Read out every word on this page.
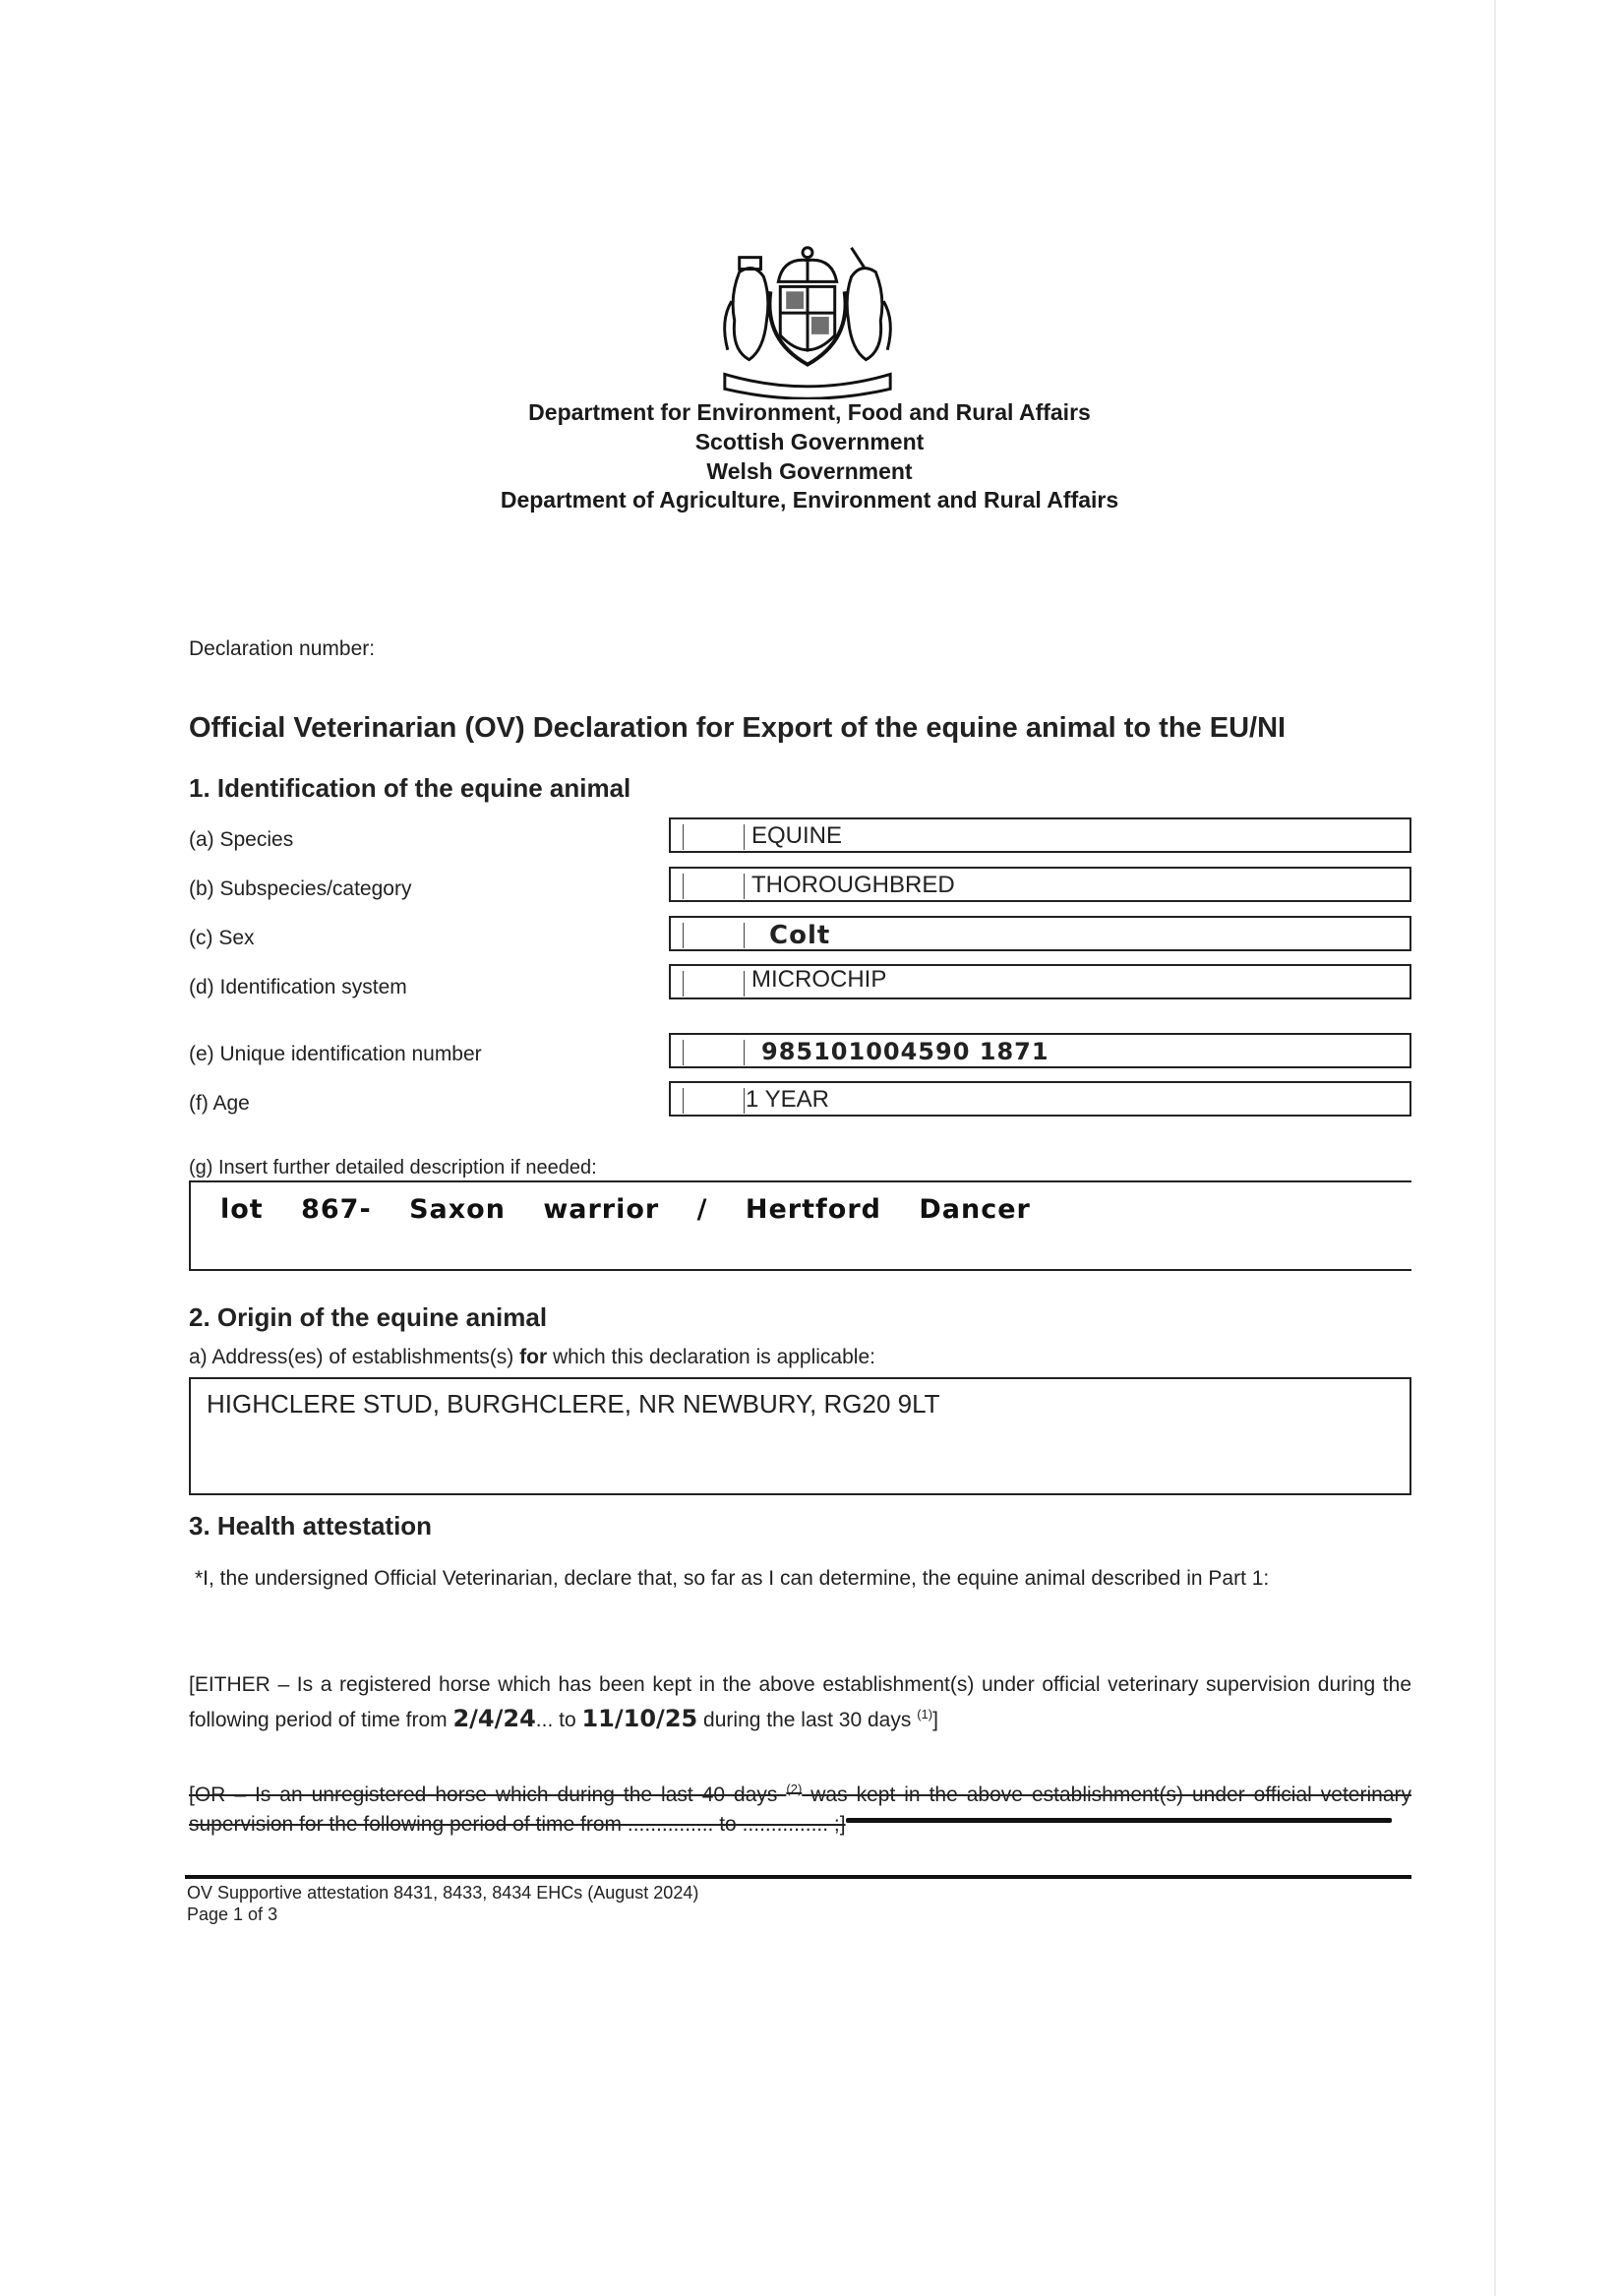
Department for Environment, Food and Rural Affairs
Scottish Government
Welsh Government
Department of Agriculture, Environment and Rural Affairs
Declaration number:
Official Veterinarian (OV) Declaration for Export of the equine animal to the EU/NI
1. Identification of the equine animal
(a) Species	EQUINE
(b) Subspecies/category	THOROUGHBRED
(c) Sex	Colt
(d) Identification system	MICROCHIP
(e) Unique identification number	985101004590 1871
(f) Age	1 YEAR
(g) Insert further detailed description if needed:
lot 867- Saxon warrior / Hertford Dancer
2. Origin of the equine animal
a) Address(es) of establishments(s) for which this declaration is applicable:
HIGHCLERE STUD, BURGHCLERE, NR NEWBURY, RG20 9LT
3. Health attestation
*I, the undersigned Official Veterinarian, declare that, so far as I can determine, the equine animal described in Part 1:
[EITHER – Is a registered horse which has been kept in the above establishment(s) under official veterinary supervision during the following period of time from 2/4/24... to 11/10/25 during the last 30 days $^{(1)}$]
[OR – Is an unregistered horse which during the last 40 days $^{(2)}$ was kept in the above establishment(s) under official veterinary supervision for the following period of time from ............... to ............... ;]
OV Supportive attestation 8431, 8433, 8434 EHCs (August 2024)
Page 1 of 3
